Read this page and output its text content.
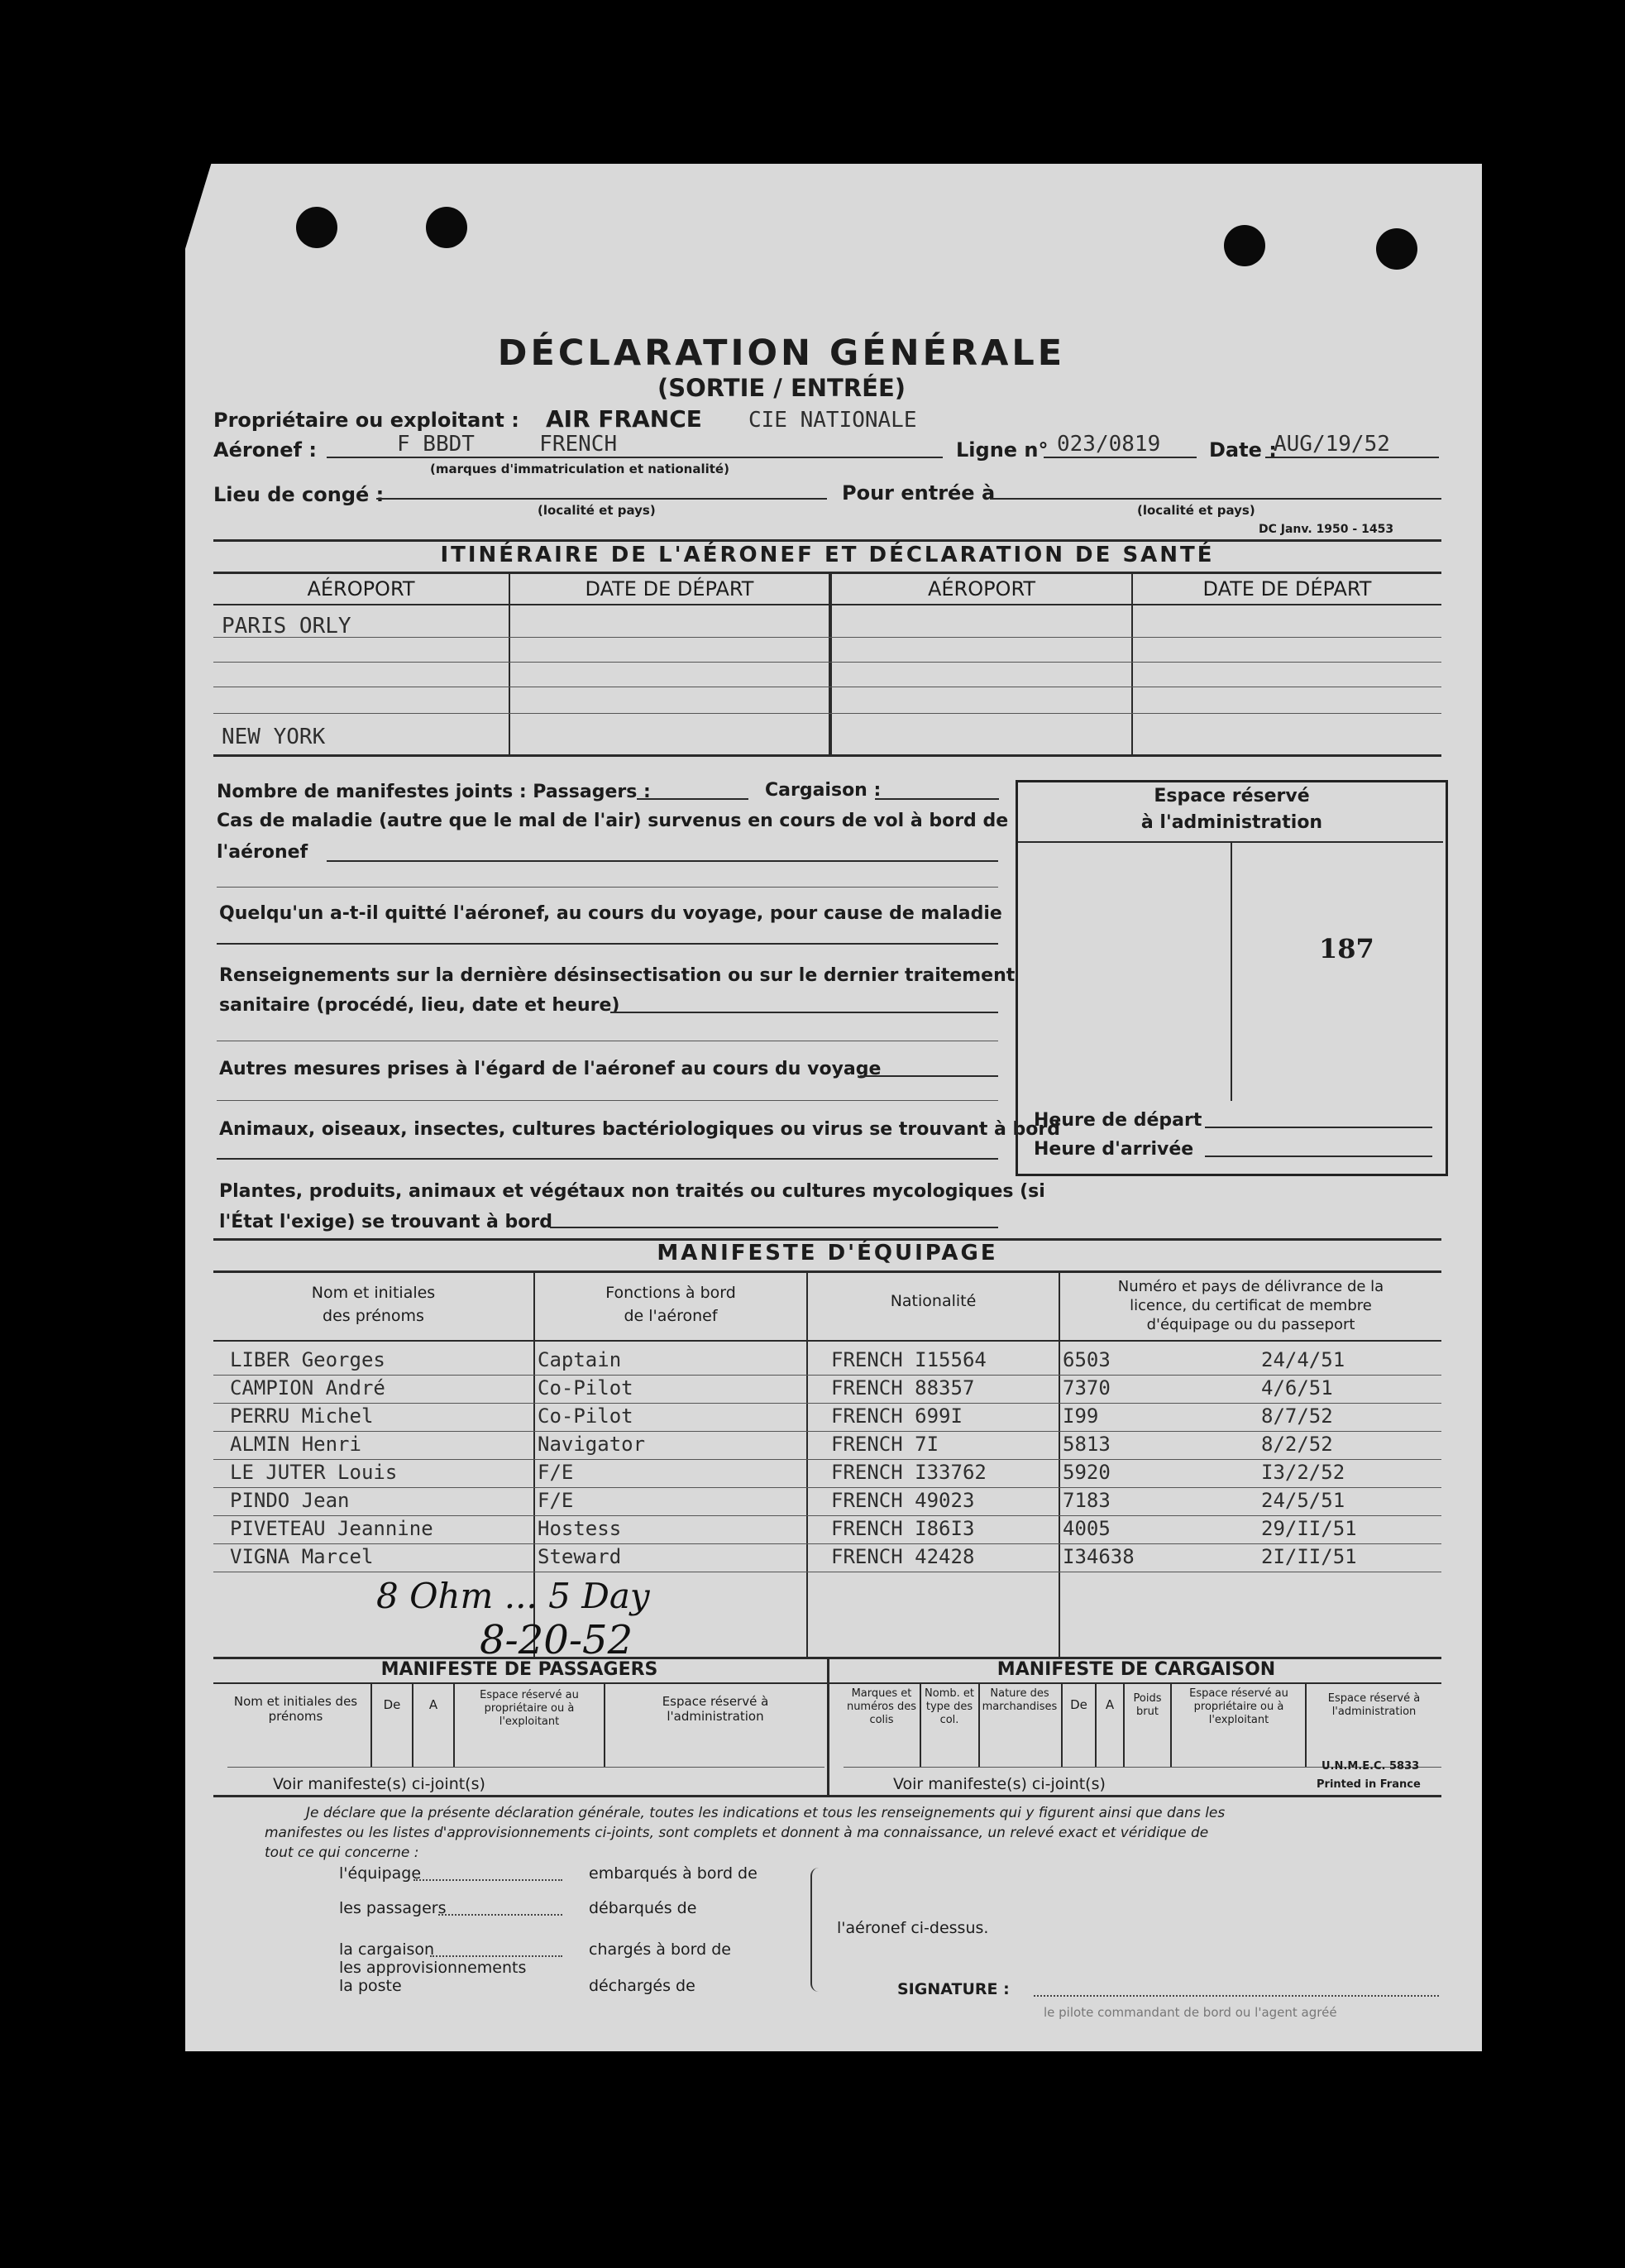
DÉCLARATION GÉNÉRALE
(SORTIE / ENTRÉE)
Propriétaire ou exploitant : AIR FRANCE CIE NATIONALE
Aéronef :	F BBDT     FRENCH
(marques d'immatriculation et nationalité)
Ligne n° 023/0819 Date :
AUG/19/52
Lieu de congé :
(localité et pays)
Pour entrée à
(localité et pays)
DC Janv. 1950 - 1453
ITINÉRAIRE DE L'AÉRONEF ET DÉCLARATION DE SANTÉ
AÉROPORT	DATE DE DÉPART	AÉROPORT	DATE DE DÉPART
PARIS ORLY
NEW YORK
Nombre de manifestes joints : Passagers :	Cargaison :
Cas de maladie (autre que le mal de l'air) survenus en cours de vol à bord de
l'aéronef
Quelqu'un a-t-il quitté l'aéronef, au cours du voyage, pour cause de maladie
Renseignements sur la dernière désinsectisation ou sur le dernier traitement
sanitaire (procédé, lieu, date et heure)
Autres mesures prises à l'égard de l'aéronef au cours du voyage
Animaux, oiseaux, insectes, cultures bactériologiques ou virus se trouvant à bord
Plantes, produits, animaux et végétaux non traités ou cultures mycologiques (si
l'État l'exige) se trouvant à bord
Espace réservé
à l'administration
187
Heure de départ
Heure d'arrivée
MANIFESTE D'ÉQUIPAGE
Nom et initiales
des prénoms
Fonctions à bord
de l'aéronef
Nationalité
Numéro et pays de délivrance de la
licence, du certificat de membre
d'équipage ou du passeport
LIBER Georges	Captain	FRENCH I15564	6503	24/4/51
CAMPION André	Co-Pilot	FRENCH 88357	7370	4/6/51
PERRU Michel	Co-Pilot	FRENCH 699I	I99	8/7/52
ALMIN Henri	Navigator	FRENCH 7I	5813	8/2/52
LE JUTER Louis	F/E	FRENCH I33762	5920	I3/2/52
PINDO Jean	F/E	FRENCH 49023	7183	24/5/51
PIVETEAU Jeannine	Hostess	FRENCH I86I3	4005	29/II/51
VIGNA Marcel	Steward	FRENCH 42428	I34638	2I/II/51
8 Ohm ... 5 Day
8-20-52
MANIFESTE DE PASSAGERS	MANIFESTE DE CARGAISON
Nom et initiales des prénoms
De	A
Espace réservé au propriétaire ou à l'exploitant
Espace réservé à l'administration
Voir manifeste(s) ci-joint(s)
Marques et numéros des colis
Nomb. et type des col.
Nature des marchandises	De	A	Poids brut
Espace réservé au propriétaire ou à l'exploitant
Espace réservé à l'administration
U.N.M.E.C. 5833
Voir manifeste(s) ci-joint(s)	Printed in France
Je déclare que la présente déclaration générale, toutes les indications et tous les renseignements qui y figurent ainsi que dans les
manifestes ou les listes d'approvisionnements ci-joints, sont complets et donnent à ma connaissance, un relevé exact et véridique de
tout ce qui concerne :
l'équipage
les passagers
la cargaison
les approvisionnements
la poste
embarqués à bord de
débarqués de
chargés à bord de
déchargés de
l'aéronef ci-dessus.
SIGNATURE :
le pilote commandant de bord ou l'agent agréé
